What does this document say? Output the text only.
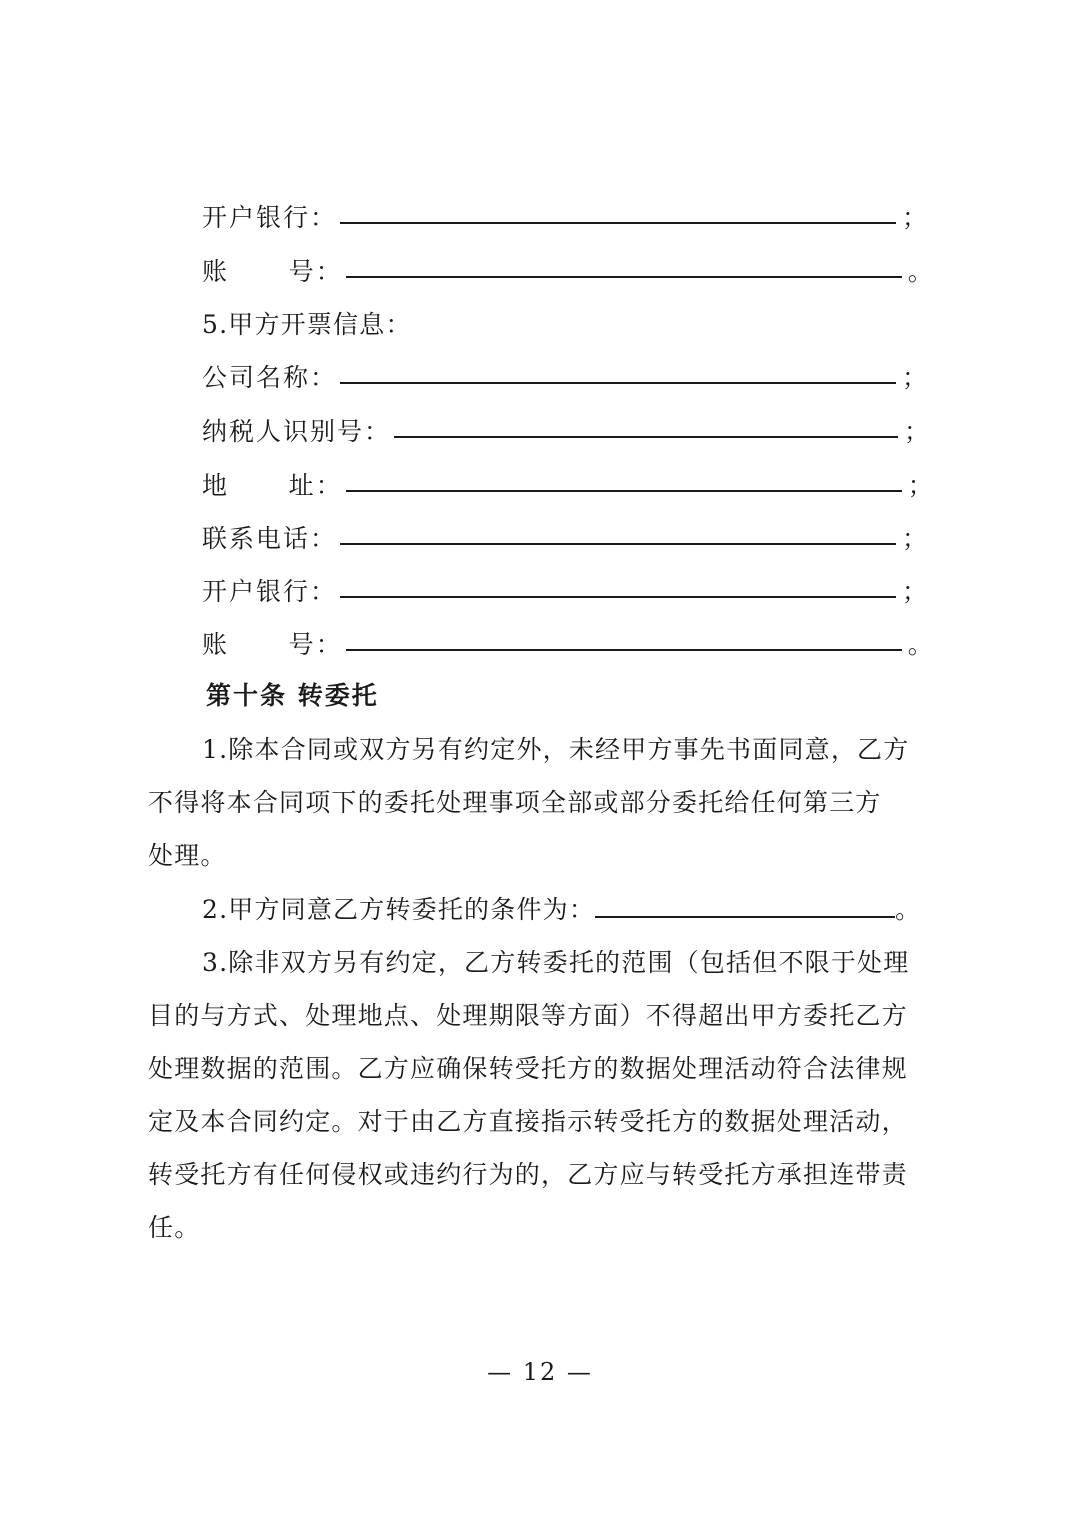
开户银行 ：	；
账      号 ：	。
5.甲方开票信息：
公司名称 ：	；
纳税人识别号 ：	；
地      址 ：	；
联系电话 ：	；
开户银行 ：	；
账      号 ：	。
第十条 转委托
1.除本合同或双方另有约定外，未经甲方事先书面同意，乙方
不得将本合同项下的委托处理事项全部或部分委托给任何第三方
处理。
2.甲方同意乙方转委托的条件为：	。
3.除非双方另有约定，乙方转委托的范围（包括但不限于处理
目的与方式、处理地点、处理期限等方面）不得超出甲方委托乙方
处理数据的范围。乙方应确保转受托方的数据处理活动符合法律规
定及本合同约定。对于由乙方直接指示转受托方的数据处理活动，
转受托方有任何侵权或违约行为的，乙方应与转受托方承担连带责
任。
— 12 —
